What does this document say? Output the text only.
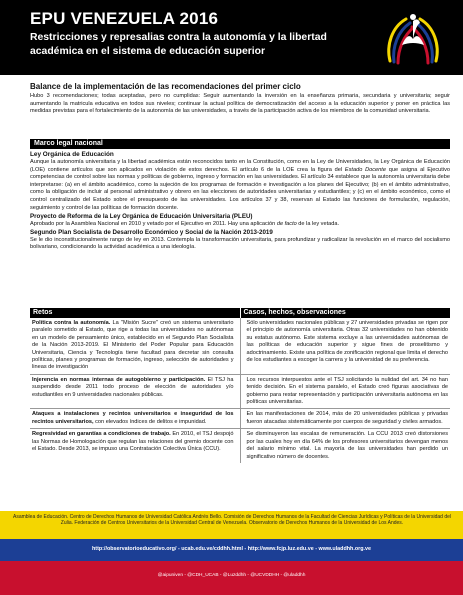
EPU VENEZUELA 2016
Restricciones y represalias contra la autonomía y la libertad académica en el sistema de educación superior
Balance de la implementación de las recomendaciones del primer ciclo
Hubo 3 recomendaciones; todas aceptadas, pero no cumplidas: Seguir aumentando la inversión en la enseñanza primaria, secundaria y universitaria; seguir aumentando la matricula educativa en todos sus niveles; continuar la actual política de democratización del acceso a la educación superior y poner en práctica las medidas previstas para el fortalecimiento de la autonomía de las universidades, a través de la participación activa de los miembros de la comunidad universitaria.
Marco legal nacional
Ley Orgánica de Educación
Aunque la autonomía universitaria y la libertad académica están reconocidos tanto en la Constitución, como en la Ley de Universidades, la Ley Orgánica de Educación (LOE) contiene artículos que son aplicados en violación de estos derechos. El artículo 6 de la LOE crea la figura del Estado Docente que asigna al Ejecutivo competencias de control sobre las normas y políticas de gobierno, ingreso y formación en las universidades. El artículo 34 establece que la autonomía universitaria debe interpretarse: (a) en el ámbito académico, como la sujeción de los programas de formación e investigación a los planes del Ejecutivo; (b) en el ámbito administrativo, como la obligación de incluir al personal administrativo y obrero en las elecciones de autoridades universitarias y estudiantiles; y (c) en el ámbito económico, como el control centralizado del Estado sobre el presupuesto de las universidades. Los artículos 37 y 38, reservan al Estado las funciones de formulación, regulación, seguimiento y control de las políticas de formación docente.
Proyecto de Reforma de la Ley Orgánica de Educación Universitaria (PLEU)
Aprobado por la Asamblea Nacional en 2010 y vetado por el Ejecutivo en 2011. Hay una aplicación de facto de la ley vetada.
Segundo Plan Socialista de Desarrollo Económico y Social de la Nación 2013-2019
Se le dio inconstitucionalmente rango de ley en 2013. Contempla la transformación universitaria, para profundizar y radicalizar la revolución en el marco del socialismo bolivariano, condicionando la actividad académica a una ideología.
Retos	Casos, hechos, observaciones
Política contra la autonomía. La "Misión Sucre" creó un sistema universitario paralelo sometido al Estado, que rige a todas las universidades no autónomas en un modelo de pensamiento único, establecido en el Segundo Plan Socialista de la Nación 2013-2019. El Ministerio del Poder Popular para Educación Universitaria, Ciencia y Tecnología tiene facultad para decretar sin consulta políticas, planes y programas de formación, ingreso, selección de autoridades y lineas de investigación
Sólo universidades nacionales públicas y 27 universidades privadas se rigen por el principio de autonomía universitaria. Otras 32 universidades no han obtenido su estatus autónomo. Este sistema excluye a las universidades autónomas de las políticas de educación superior y sigue fines de proselitismo y adoctrinamiento. Existe una política de zonificación regional que limita el derecho de los estudiantes a escoger la carrera y la universidad de su preferencia.
Injerencia en normas internas de autogobierno y participación. El TSJ ha suspendido desde 2011 todo proceso de elección de autoridades y/o estudiantiles en 9 universidades nacionales públicas.
Los recursos interpuestos ante el TSJ solicitando la nulidad del art. 34 no han tenido decisión. En el sistema paralelo, el Estado creó figuras asociativas de gobierno para restar representación y participación universitaria autónoma en las políticas universitarias.
Ataques a instalaciones y recintos universitarios e inseguridad de los recintos universitarios, con elevados índices de delitos e impunidad.
En las manifestaciones de 2014, más de 20 universidades públicas y privadas fueron atacadas sistemáticamente por cuerpos de seguridad y civiles armados.
Regresividad en garantías a condiciones de trabajo. En 2010, el TSJ despojó las Normas de Homologación que regulan las relaciones del gremio docente con el Estado. Desde 2013, se impuso una Contratación Colectiva Única (CCU).
Se disminuyeron las escalas de remuneración. La CCU 2013 creó distorsiones por las cuales hoy en día 64% de los profesores universitarios devengan menos del salario mínimo vital. La mayoría de las universidades han perdido un significativo número de docentes.
Asamblea de Educación. Centro de Derechos Humanos de Universidad Católica Andrés Bello. Comisión de Derechos Humanos de la Facultad de Ciencias Jurídicas y Políticas de la Universidad del Zulia. Federación de Centros Universitarios de la Universidad Central de Venezuela. Observatorio de Derechos Humanos de la Universidad de Los Andes.
http://observatorioeducativo.org/ - ucab.edu.ve/cddhh.html - http://www.fcjp.luz.edu.ve - www.uladdhh.org.ve
@aipuniven - @CDH_UCAB - @Luzddhh - @UCVDDHH - @uladdhh
